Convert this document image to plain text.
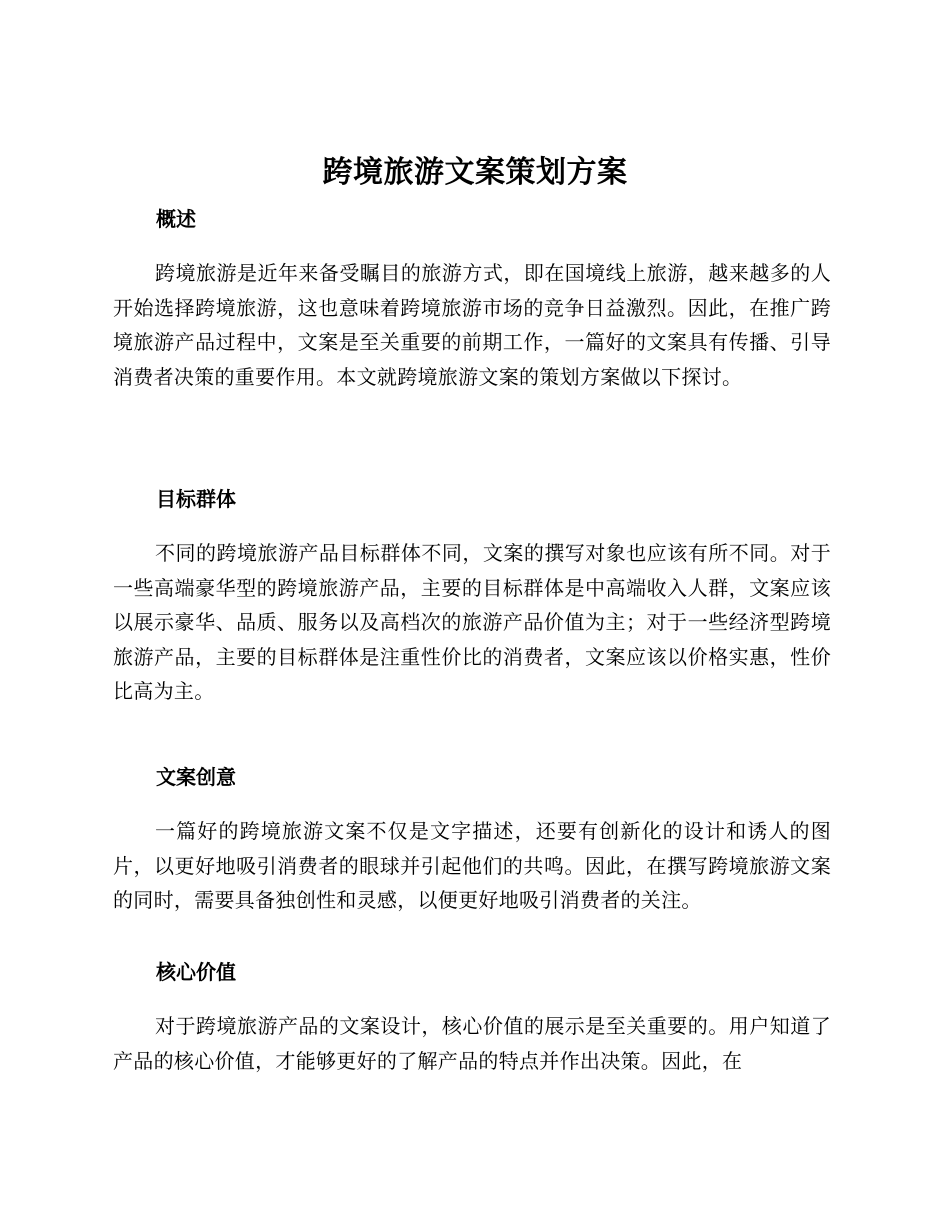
跨境旅游文案策划方案
概述

跨境旅游是近年来备受瞩目的旅游方式，即在国境线上旅游，越来越多的人开始选择跨境旅游，这也意味着跨境旅游市场的竞争日益激烈。因此，在推广跨境旅游产品过程中，文案是至关重要的前期工作，一篇好的文案具有传播、引导消费者决策的重要作用。本文就跨境旅游文案的策划方案做以下探讨。

目标群体

不同的跨境旅游产品目标群体不同，文案的撰写对象也应该有所不同。对于一些高端豪华型的跨境旅游产品，主要的目标群体是中高端收入人群，文案应该以展示豪华、品质、服务以及高档次的旅游产品价值为主；对于一些经济型跨境旅游产品，主要的目标群体是注重性价比的消费者，文案应该以价格实惠，性价比高为主。

文案创意

一篇好的跨境旅游文案不仅是文字描述，还要有创新化的设计和诱人的图片，以更好地吸引消费者的眼球并引起他们的共鸣。因此，在撰写跨境旅游文案的同时，需要具备独创性和灵感，以便更好地吸引消费者的关注。

核心价值

对于跨境旅游产品的文案设计，核心价值的展示是至关重要的。用户知道了产品的核心价值，才能够更好的了解产品的特点并作出决策。因此，在
